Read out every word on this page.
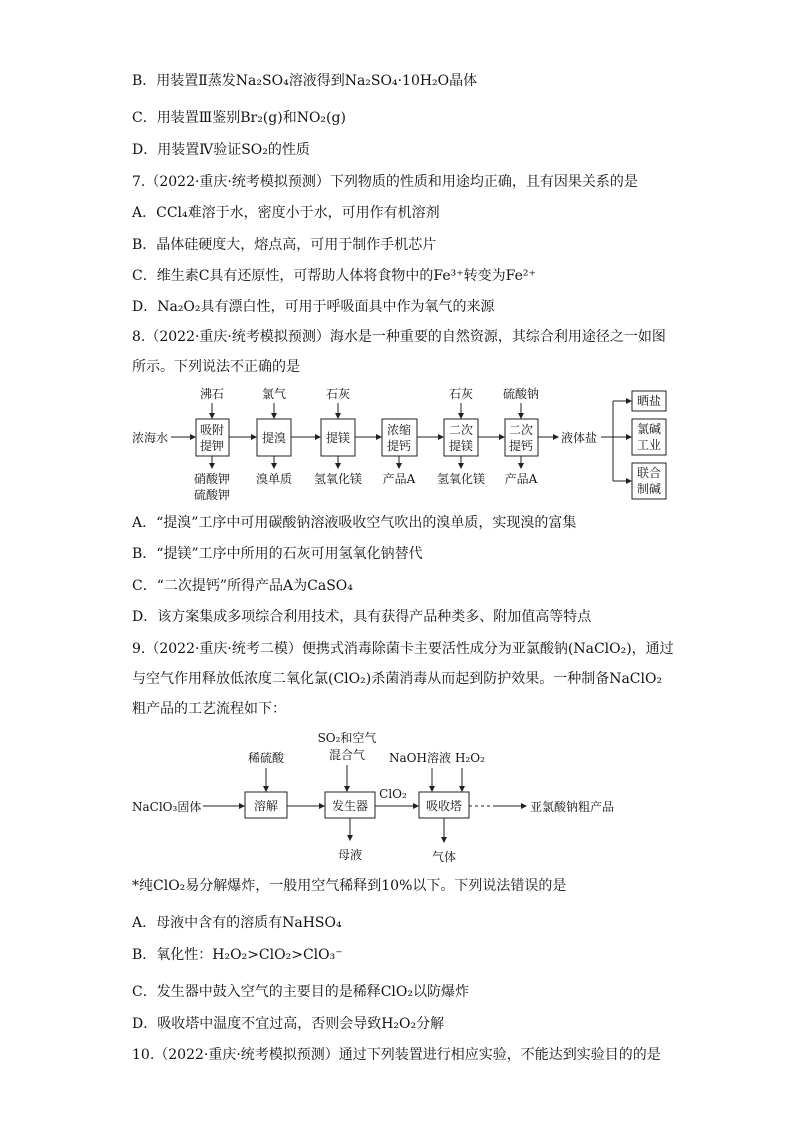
B．用装置Ⅱ蒸发Na₂SO₄溶液得到Na₂SO₄·10H₂O晶体
C．用装置Ⅲ鉴别Br₂(g)和NO₂(g)
D．用装置Ⅳ验证SO₂的性质
7.（2022·重庆·统考模拟预测）下列物质的性质和用途均正确，且有因果关系的是
A．CCl₄难溶于水，密度小于水，可用作有机溶剂
B．晶体硅硬度大，熔点高，可用于制作手机芯片
C．维生素C具有还原性，可帮助人体将食物中的Fe³⁺转变为Fe²⁺
D．Na₂O₂具有漂白性，可用于呼吸面具中作为氧气的来源
8.（2022·重庆·统考模拟预测）海水是一种重要的自然资源，其综合利用途径之一如图
所示。下列说法不正确的是
浓海水
沸石
吸附
提钾
硝酸钾
硫酸钾
氯气
提溴
溴单质
石灰
提镁
氢氧化镁
浓缩
提钙
产品A
石灰
二次
提镁
氢氧化镁
硫酸钠
二次
提钙
产品A
液体盐
晒盐
氯碱
工业
联合
制碱
A．“提溴”工序中可用碳酸钠溶液吸收空气吹出的溴单质，实现溴的富集
B．“提镁”工序中所用的石灰可用氢氧化钠替代
C．“二次提钙”所得产品A为CaSO₄
D．该方案集成多项综合利用技术，具有获得产品种类多、附加值高等特点
9.（2022·重庆·统考二模）便携式消毒除菌卡主要活性成分为亚氯酸钠(NaClO₂)，通过
与空气作用释放低浓度二氧化氯(ClO₂)杀菌消毒从而起到防护效果。一种制备NaClO₂
粗产品的工艺流程如下：
NaClO₃固体
稀硫酸
溶解
SO₂和空气
混合气
发生器
母液
ClO₂
NaOH溶液 H₂O₂
吸收塔
气体
亚氯酸钠粗产品
*纯ClO₂易分解爆炸，一般用空气稀释到10%以下。下列说法错误的是
A．母液中含有的溶质有NaHSO₄
B．氧化性：H₂O₂>ClO₂>ClO₃⁻
C．发生器中鼓入空气的主要目的是稀释ClO₂以防爆炸
D．吸收塔中温度不宜过高，否则会导致H₂O₂分解
10.（2022·重庆·统考模拟预测）通过下列装置进行相应实验，不能达到实验目的的是
